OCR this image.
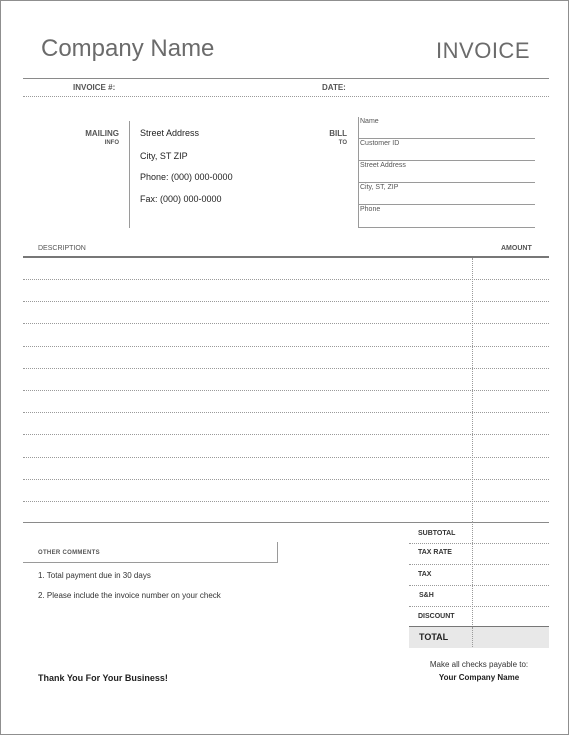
Company Name	INVOICE
INVOICE #:	DATE:
MAILING
INFO
Street Address
City, ST ZIP
Phone: (000) 000-0000
Fax: (000) 000-0000
BILL
TO
Name
Customer ID
Street Address
City, ST, ZIP
Phone
DESCRIPTION	AMOUNT
OTHER COMMENTS
1. Total payment due in 30 days
2. Please include the invoice number on your check
SUBTOTAL
TAX RATE
TAX
S&H
DISCOUNT
TOTAL
Thank You For Your Business!
Make all checks payable to:
Your Company Name
